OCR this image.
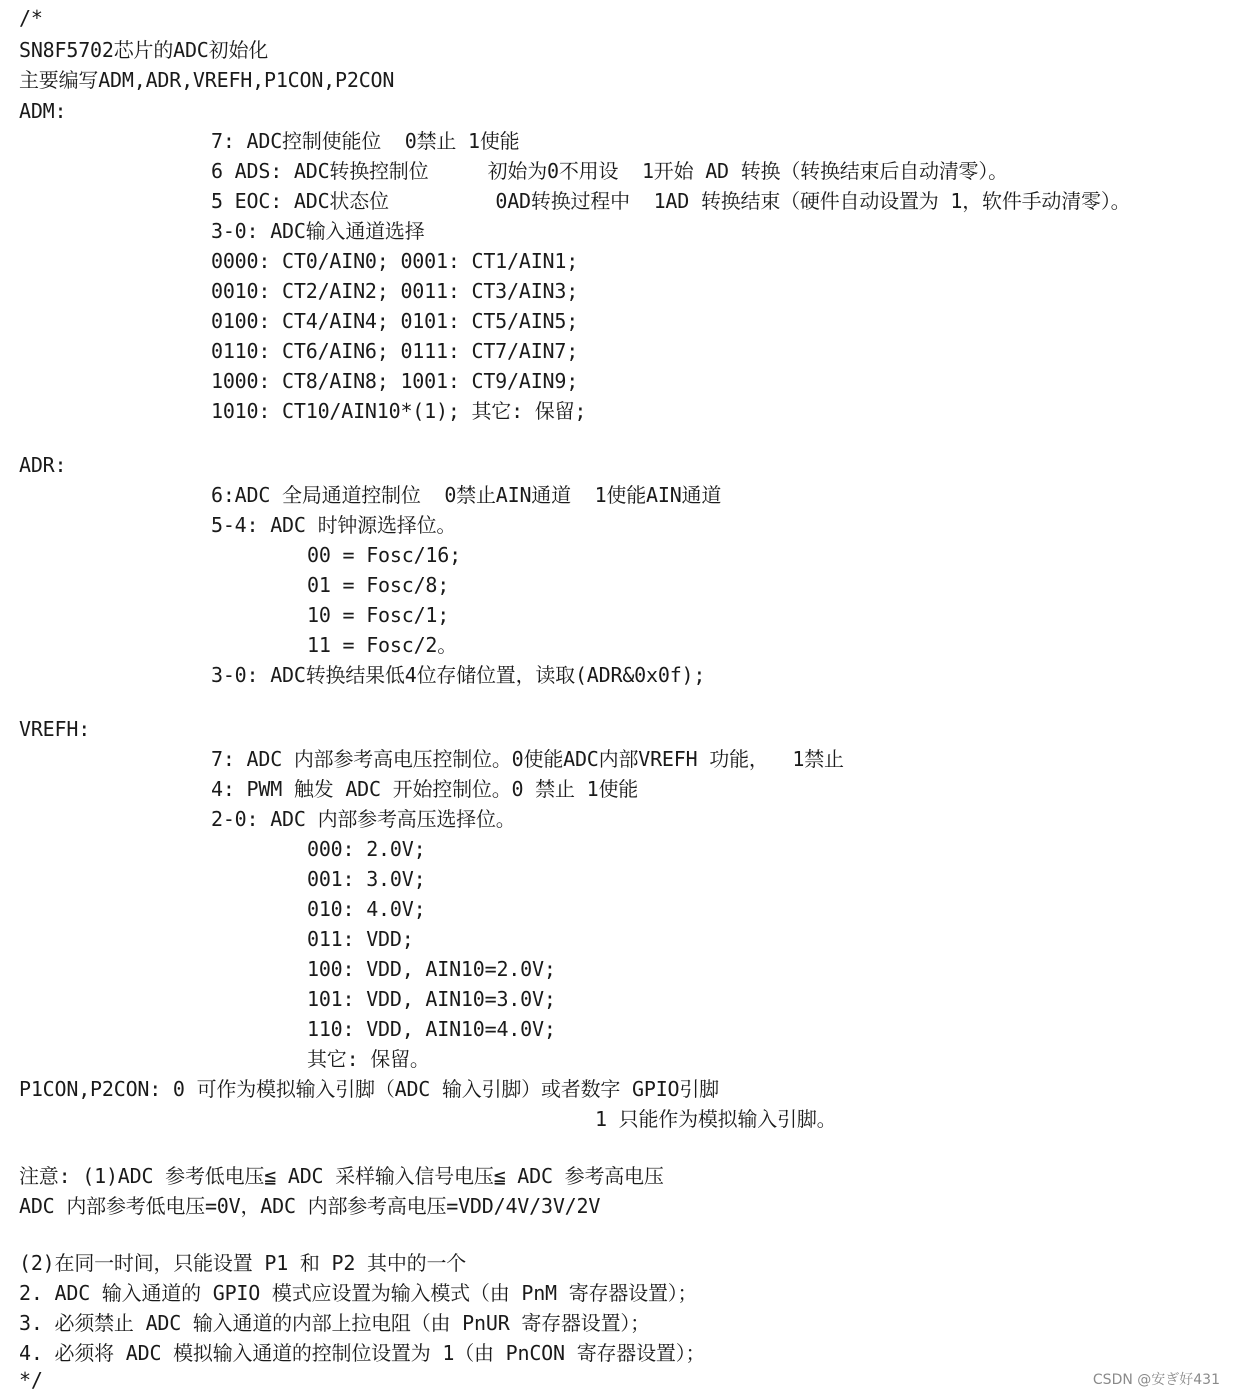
/*
SN8F5702芯片的ADC初始化
主要编写ADM,ADR,VREFH,P1CON,P2CON
ADM:
7: ADC控制使能位  0禁止 1使能
6 ADS: ADC转换控制位     初始为0不用设  1开始 AD 转换（转换结束后自动清零）。
5 EOC: ADC状态位         0AD转换过程中  1AD 转换结束（硬件自动设置为 1，软件手动清零）。
3-0: ADC输入通道选择
0000: CT0/AIN0; 0001: CT1/AIN1;
0010: CT2/AIN2; 0011: CT3/AIN3;
0100: CT4/AIN4; 0101: CT5/AIN5;
0110: CT6/AIN6; 0111: CT7/AIN7;
1000: CT8/AIN8; 1001: CT9/AIN9;
1010: CT10/AIN10*(1); 其它: 保留;
ADR:
6:ADC 全局通道控制位  0禁止AIN通道  1使能AIN通道
5-4: ADC 时钟源选择位。
00 = Fosc/16;
01 = Fosc/8;
10 = Fosc/1;
11 = Fosc/2。
3-0: ADC转换结果低4位存储位置，读取(ADR&0x0f);
VREFH:
7: ADC 内部参考高电压控制位。0使能ADC内部VREFH 功能，  1禁止
4: PWM 触发 ADC 开始控制位。0 禁止 1使能
2-0: ADC 内部参考高压选择位。
000: 2.0V;
001: 3.0V;
010: 4.0V;
011: VDD;
100: VDD, AIN10=2.0V;
101: VDD, AIN10=3.0V;
110: VDD, AIN10=4.0V;
其它: 保留。
P1CON,P2CON: 0 可作为模拟输入引脚（ADC 输入引脚）或者数字 GPIO引脚
1 只能作为模拟输入引脚。
注意: (1)ADC 参考低电压≦ ADC 采样输入信号电压≦ ADC 参考高电压
ADC 内部参考低电压=0V，ADC 内部参考高电压=VDD/4V/3V/2V
(2)在同一时间，只能设置 P1 和 P2 其中的一个
2. ADC 输入通道的 GPIO 模式应设置为输入模式（由 PnM 寄存器设置）；
3. 必须禁止 ADC 输入通道的内部上拉电阻（由 PnUR 寄存器设置）；
4. 必须将 ADC 模拟输入通道的控制位设置为 1（由 PnCON 寄存器设置）；
*/	CSDN @安ぎ好431
